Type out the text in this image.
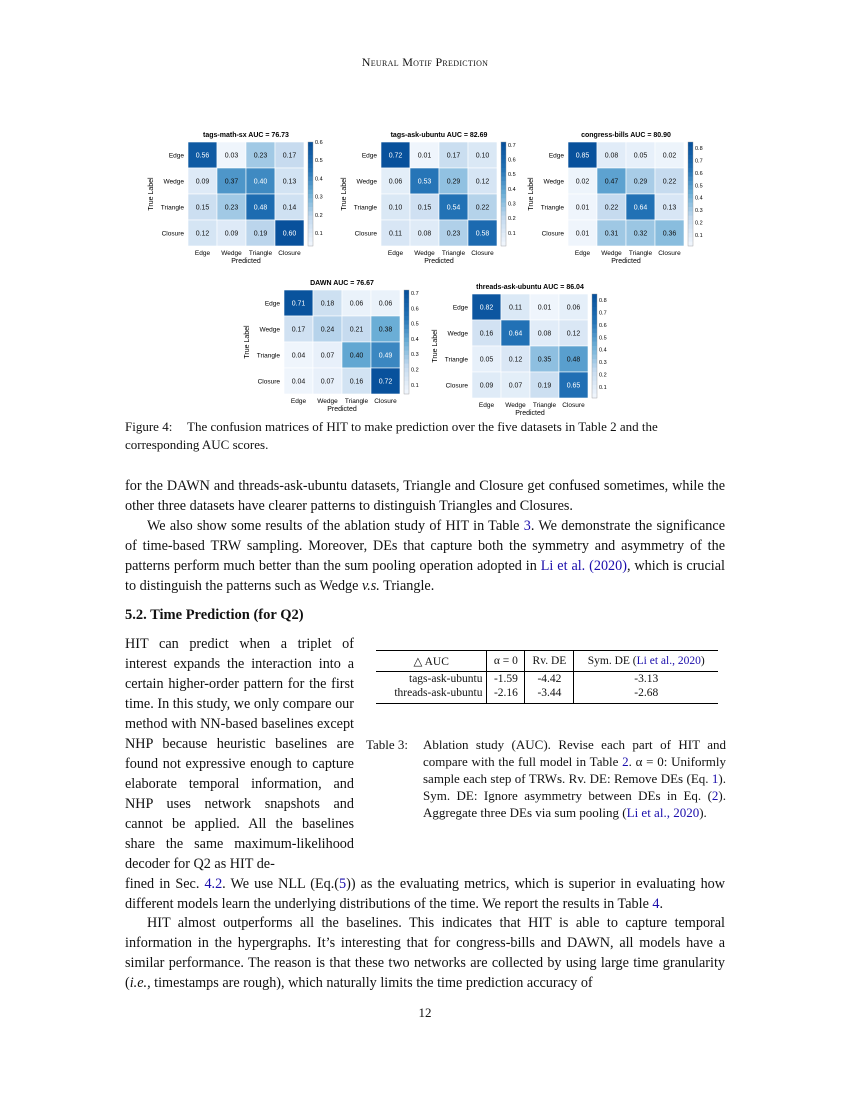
Neural Motif Prediction
tags-math-sx AUC = 76.73
0.56 0.03 0.23 0.17
0.09 0.37 0.40 0.13
0.15 0.23 0.48 0.14
0.12 0.09 0.19 0.60
Edge
Wedge
Triangle
Closure
Edge Wedge Triangle Closure
Predicted
True Label
0.6
0.5
0.4
0.3
0.2
0.1
tags-ask-ubuntu AUC = 82.69
0.72 0.01 0.17 0.10
0.06 0.53 0.29 0.12
0.10 0.15 0.54 0.22
0.11 0.08 0.23 0.58
Edge
Wedge
Triangle
Closure
Edge Wedge Triangle Closure
Predicted
True Label
0.7
0.6
0.5
0.4
0.3
0.2
0.1
congress-bills AUC = 80.90
0.85 0.08 0.05 0.02
0.02 0.47 0.29 0.22
0.01 0.22 0.64 0.13
0.01 0.31 0.32 0.36
Edge
Wedge
Triangle
Closure
Edge Wedge Triangle Closure
Predicted
True Label
0.8
0.7
0.6
0.5
0.4
0.3
0.2
0.1
DAWN AUC = 76.67
0.71 0.18 0.06 0.06
0.17 0.24 0.21 0.38
0.04 0.07 0.40 0.49
0.04 0.07 0.16 0.72
Edge
Wedge
Triangle
Closure
Edge Wedge Triangle Closure
Predicted
True Label
0.7
0.6
0.5
0.4
0.3
0.2
0.1
threads-ask-ubuntu AUC = 86.04
0.82 0.11 0.01 0.06
0.16 0.64 0.08 0.12
0.05 0.12 0.35 0.48
0.09 0.07 0.19 0.65
Edge
Wedge
Triangle
Closure
Edge Wedge Triangle Closure
Predicted
True Label
0.8
0.7
0.6
0.5
0.4
0.3
0.2
0.1
Figure 4: The confusion matrices of HIT to make prediction over the five datasets in Table 2 and the corresponding AUC scores.
for the DAWN and threads-ask-ubuntu datasets, Triangle and Closure get confused sometimes, while the other three datasets have clearer patterns to distinguish Triangles and Closures.
We also show some results of the ablation study of HIT in Table 3. We demonstrate the significance of time-based TRW sampling. Moreover, DEs that capture both the symmetry and asymmetry of the patterns perform much better than the sum pooling operation adopted in Li et al. (2020), which is crucial to distinguish the patterns such as Wedge v.s. Triangle.
5.2. Time Prediction (for Q2)
HIT can predict when a triplet of interest expands the interaction into a certain higher-order pattern for the first time. In this study, we only compare our method with NN-based baselines except NHP because heuristic baselines are found not expressive enough to capture elaborate temporal information, and NHP uses network snapshots and cannot be applied. All the baselines share the same maximum-likelihood decoder for Q2 as HIT de-
△ AUC	α = 0	Rv. DE	Sym. DE (Li et al., 2020)
tags-ask-ubuntu	-1.59	-4.42	-3.13
threads-ask-ubuntu	-2.16	-3.44	-2.68
Table 3: Ablation study (AUC). Revise each part of HIT and compare with the full model in Table 2. α = 0: Uniformly sample each step of TRWs. Rv. DE: Remove DEs (Eq. 1). Sym. DE: Ignore asymmetry between DEs in Eq. (2). Aggregate three DEs via sum pooling (Li et al., 2020).
fined in Sec. 4.2. We use NLL (Eq.(5)) as the evaluating metrics, which is superior in evaluating how different models learn the underlying distributions of the time. We report the results in Table 4.
HIT almost outperforms all the baselines. This indicates that HIT is able to capture temporal information in the hypergraphs. It’s interesting that for congress-bills and DAWN, all models have a similar performance. The reason is that these two networks are collected by using large time granularity (i.e., timestamps are rough), which naturally limits the time prediction accuracy of
12
